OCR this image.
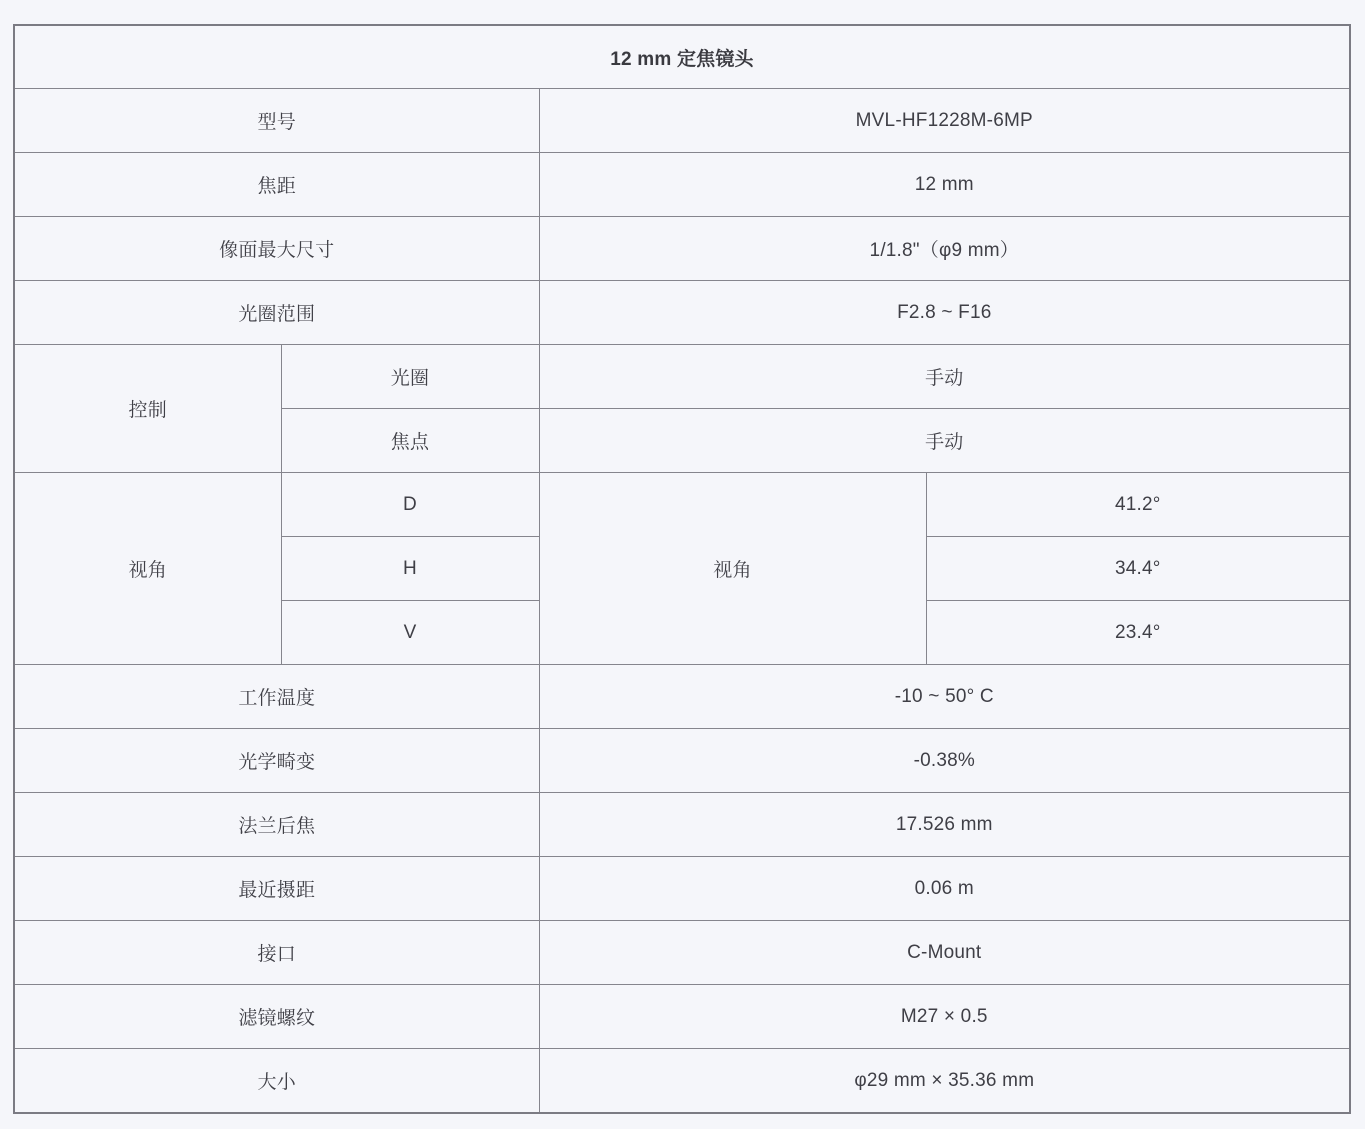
12 mm 定焦镜头			
型号		MVL-HF1228M-6MP	
焦距		12 mm	
像面最大尺寸		1/1.8"（φ9 mm）	
光圈范围		F2.8 ~ F16	
控制	光圈	手动	
	焦点	手动	
视角	D	视角	41.2°
	H		34.4°
	V		23.4°
工作温度		-10 ~ 50° C	
光学畸变		-0.38%	
法兰后焦		17.526 mm	
最近摄距		0.06 m	
接口		C-Mount	
滤镜螺纹		M27 × 0.5	
大小		φ29 mm × 35.36 mm	
